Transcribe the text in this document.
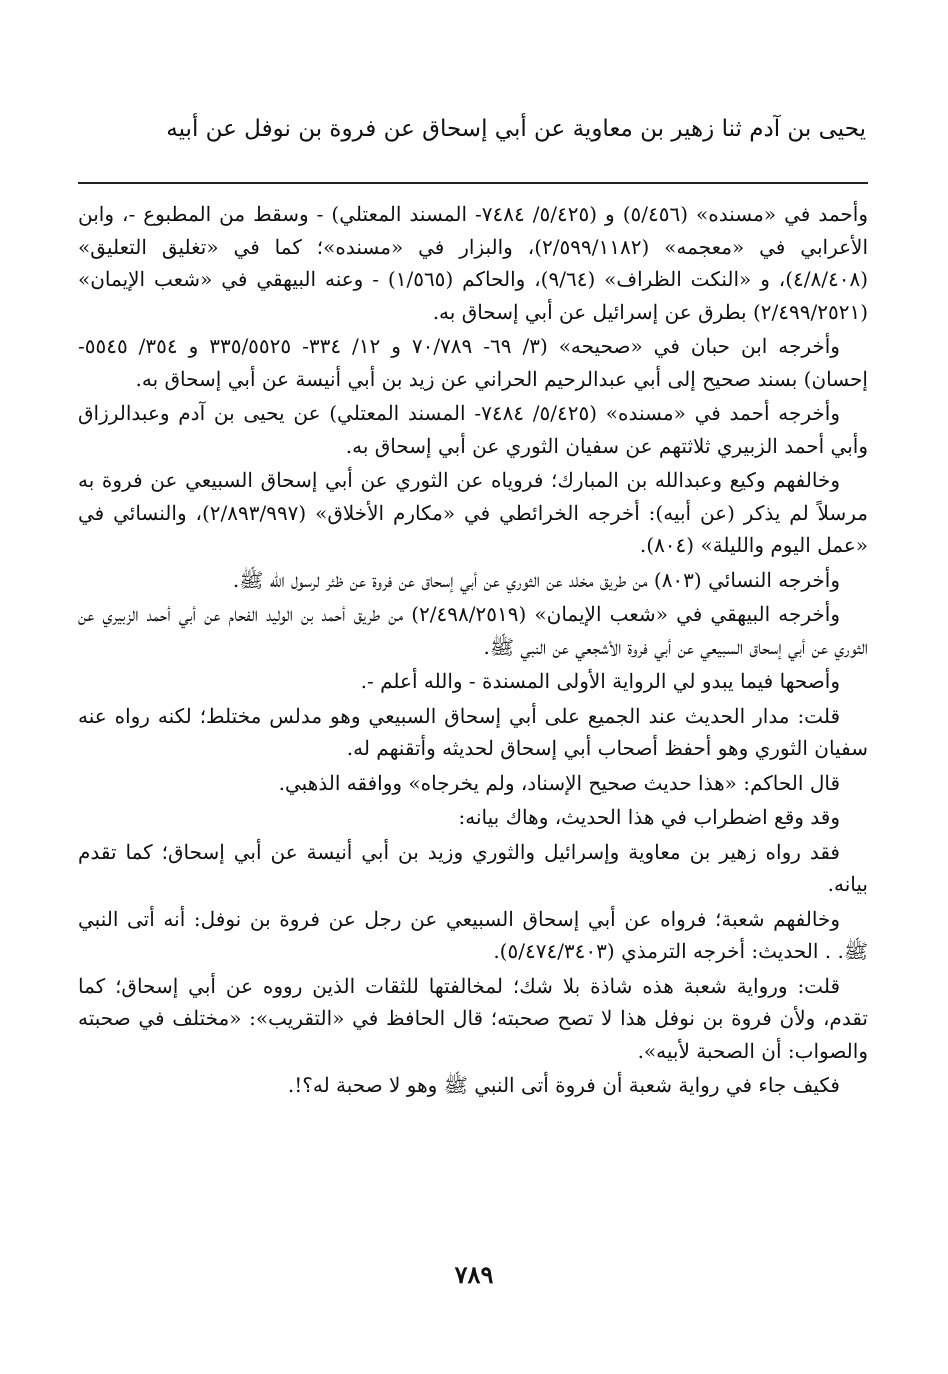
يحيى بن آدم ثنا زهير بن معاوية عن أبي إسحاق عن فروة بن نوفل عن أبيه

وأحمد في «مسنده» (٥/٤٥٦) و (٥/٤٢٥/ ٧٤٨٤- المسند المعتلي) - وسقط من المطبوع -، وابن الأعرابي في «معجمه» (٢/٥٩٩/١١٨٢)، والبزار في «مسنده»؛ كما في «تغليق التعليق» (٤/٨/٤٠٨)، و «النكت الظراف» (٩/٦٤)، والحاكم (١/٥٦٥) - وعنه البيهقي في «شعب الإيمان» (٢/٤٩٩/٢٥٢١) بطرق عن إسرائيل عن أبي إسحاق به.

وأخرجه ابن حبان في «صحيحه» (٣/ ٦٩- ٧٠/٧٨٩ و ١٢/ ٣٣٤- ٣٣٥/٥٥٢٥ و ٣٥٤/ ٥٥٤٥- إحسان) بسند صحيح إلى أبي عبدالرحيم الحراني عن زيد بن أبي أنيسة عن أبي إسحاق به.

وأخرجه أحمد في «مسنده» (٥/٤٢٥/ ٧٤٨٤- المسند المعتلي) عن يحيى بن آدم وعبدالرزاق وأبي أحمد الزبيري ثلاثتهم عن سفيان الثوري عن أبي إسحاق به.

وخالفهم وكيع وعبدالله بن المبارك؛ فروياه عن الثوري عن أبي إسحاق السبيعي عن فروة به مرسلاً لم يذكر (عن أبيه): أخرجه الخرائطي في «مكارم الأخلاق» (٢/٨٩٣/٩٩٧)، والنسائي في «عمل اليوم والليلة» (٨٠٤).

وأخرجه النسائي (٨٠٣) من طريق مخلد عن الثوري عن أبي إسحاق عن فروة عن ظئر لرسول الله ﷺ.

وأخرجه البيهقي في «شعب الإيمان» (٢/٤٩٨/٢٥١٩) من طريق أحمد بن الوليد الفحام عن أبي أحمد الزبيري عن الثوري عن أبي إسحاق السبيعي عن أبي فروة الأشجعي عن النبي ﷺ.

وأصحها فيما يبدو لي الرواية الأولى المسندة - والله أعلم -.

قلت: مدار الحديث عند الجميع على أبي إسحاق السبيعي وهو مدلس مختلط؛ لكنه رواه عنه سفيان الثوري وهو أحفظ أصحاب أبي إسحاق لحديثه وأتقنهم له.

قال الحاكم: «هذا حديث صحيح الإسناد، ولم يخرجاه» ووافقه الذهبي.

وقد وقع اضطراب في هذا الحديث، وهاك بيانه:

فقد رواه زهير بن معاوية وإسرائيل والثوري وزيد بن أبي أنيسة عن أبي إسحاق؛ كما تقدم بيانه.

وخالفهم شعبة؛ فرواه عن أبي إسحاق السبيعي عن رجل عن فروة بن نوفل: أنه أتى النبي ﷺ. . الحديث: أخرجه الترمذي (٥/٤٧٤/٣٤٠٣).

قلت: ورواية شعبة هذه شاذة بلا شك؛ لمخالفتها للثقات الذين رووه عن أبي إسحاق؛ كما تقدم، ولأن فروة بن نوفل هذا لا تصح صحبته؛ قال الحافظ في «التقريب»: «مختلف في صحبته والصواب: أن الصحبة لأبيه».

فكيف جاء في رواية شعبة أن فروة أتى النبي ﷺ وهو لا صحبة له؟!.

٧٨٩
